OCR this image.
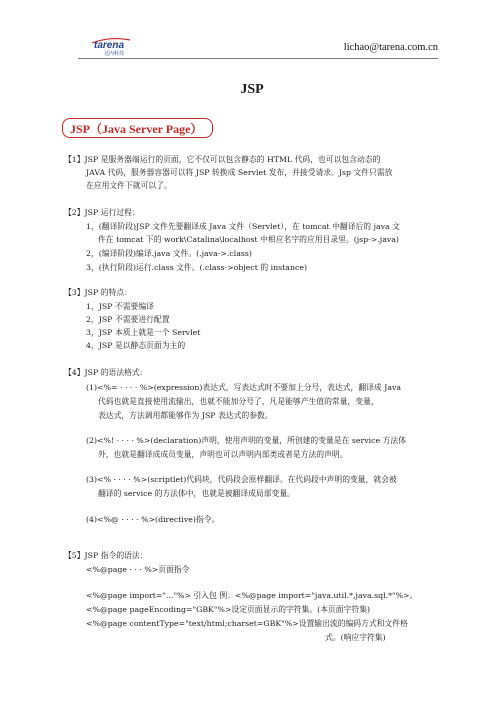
tarena
达内科技
lichao@tarena.com.cn
JSP
JSP（Java Server Page）
【1】JSP 是服务器端运行的页面，它不仅可以包含静态的 HTML 代码，也可以包含动态的
JAVA 代码，服务器容器可以将 JSP 转换成 Servlet 发布，并接受请求。Jsp 文件只需放
在应用文件下就可以了。
【2】JSP 运行过程：
1，(翻译阶段)JSP 文件先要翻译成 Java 文件（Servlet），在 tomcat 中翻译后的 java 文
件在 tomcat 下的 work\Catalina\localhost 中相应名字的应用目录里。(jsp->.java)
2，(编译阶段)编译.java 文件。(.java->.class)
3，(执行阶段)运行.class 文件。(.class->object 的 instance)
【3】JSP 的特点：
1，JSP 不需要编译
2，JSP 不需要进行配置
3，JSP 本质上就是一个 Servlet
4，JSP 是以静态页面为主的
【4】JSP 的语法格式:
(1)<%= · · · · %>(expression)表达式，写表达式时不要加上分号，表达式，翻译成 Java
代码也就是直接使用流输出，也就不能加分号了，凡是能够产生值的常量，变量，
表达式，方法调用都能够作为 JSP 表达式的参数。
(2)<%! · · · · %>(declaration)声明，使用声明的变量，所创建的变量是在 service 方法体
外，也就是翻译成成员变量，声明也可以声明内部类或者是方法的声明。
(3)<% · · · · %>(scriptlet)代码块，代码段会原样翻译。在代码段中声明的变量，就会被
翻译的 service 的方法体中，也就是被翻译成局部变量。
(4)<%@ · · · · %>(directive)指令。
【5】JSP 指令的语法：
<%@page · · · %>页面指令
<%@page import="..."%> 引入包 例：<%@page import="java.util.*,java.sql.*"%>。
<%@page pageEncoding="GBK"%>设定页面显示的字符集。(本页面字符集)
<%@page contentType="text/html;charset=GBK"%>设置输出流的编码方式和文件格
式。(响应字符集)
